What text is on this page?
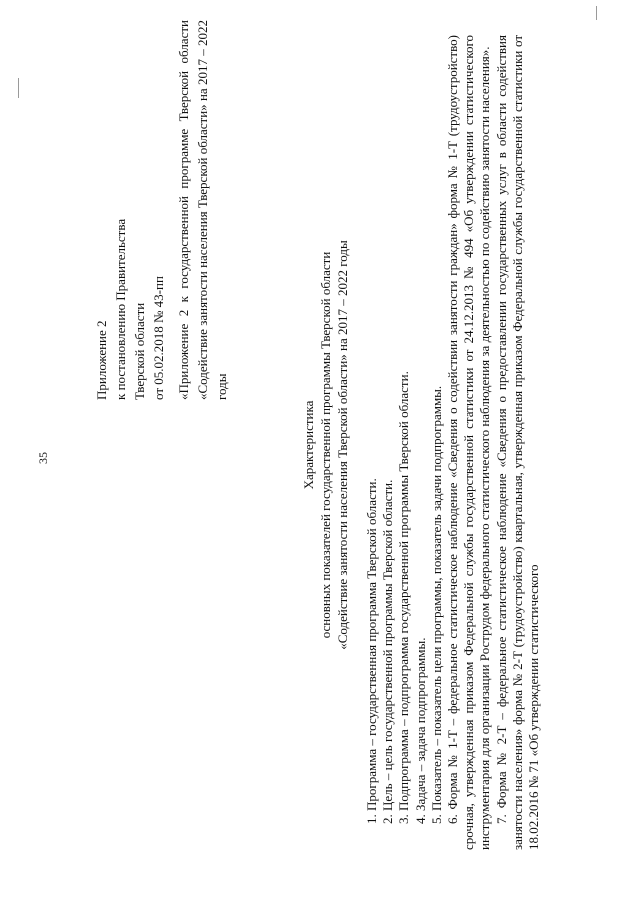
35
Приложение 2 к постановлению Правительства Тверской области от 05.02.2018 № 43-пп «Приложение 2 к государственной программе Тверской области «Содействие занятости населения Тверской области» на 2017 – 2022 годы
Характеристика основных показателей государственной программы Тверской области «Содействие занятости населения Тверской области» на 2017 – 2022 годы

1. Программа – государственная программа Тверской области. 2. Цель – цель государственной программы Тверской области. 3. Подпрограмма – подпрограмма государственной программы Тверской области. 4. Задача – задача подпрограммы. 5. Показатель – показатель цели программы, показатель задачи подпрограммы. 6. Форма № 1-Т – федеральное статистическое наблюдение «Сведения о содействии занятости граждан» форма № 1-Т (трудоустройство) срочная, утвержденная приказом Федеральной службы государственной статистики от 24.12.2013 № 494 «Об утверждении статистического инструментария для организации Рострудом федерального статистического наблюдения за деятельностью по содействию занятости населения». 7. Форма № 2-Т – федеральное статистическое наблюдение «Сведения о предоставлении государственных услуг в области содействия занятости населения» форма № 2-Т (трудоустройство) квартальная, утвержденная приказом Федеральной службы государственной статистики от 18.02.2016 № 71 «Об утверждении статистического
